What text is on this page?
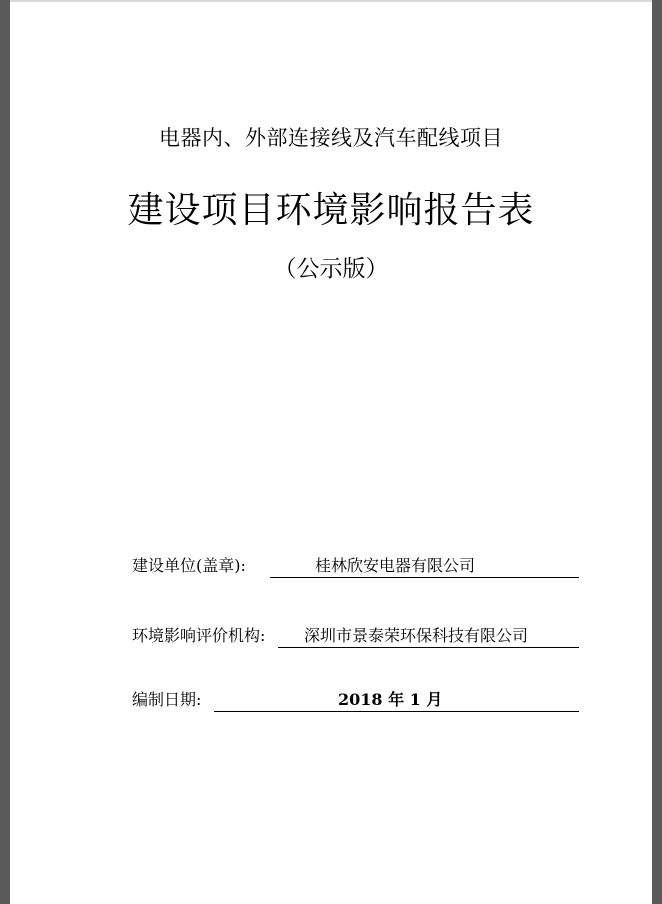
电器内、外部连接线及汽车配线项目
建设项目环境影响报告表
（公示版）
建设单位(盖章):	桂林欣安电器有限公司
环境影响评价机构: 深圳市景泰荣环保科技有限公司
编制日期:	2018 年 1 月
